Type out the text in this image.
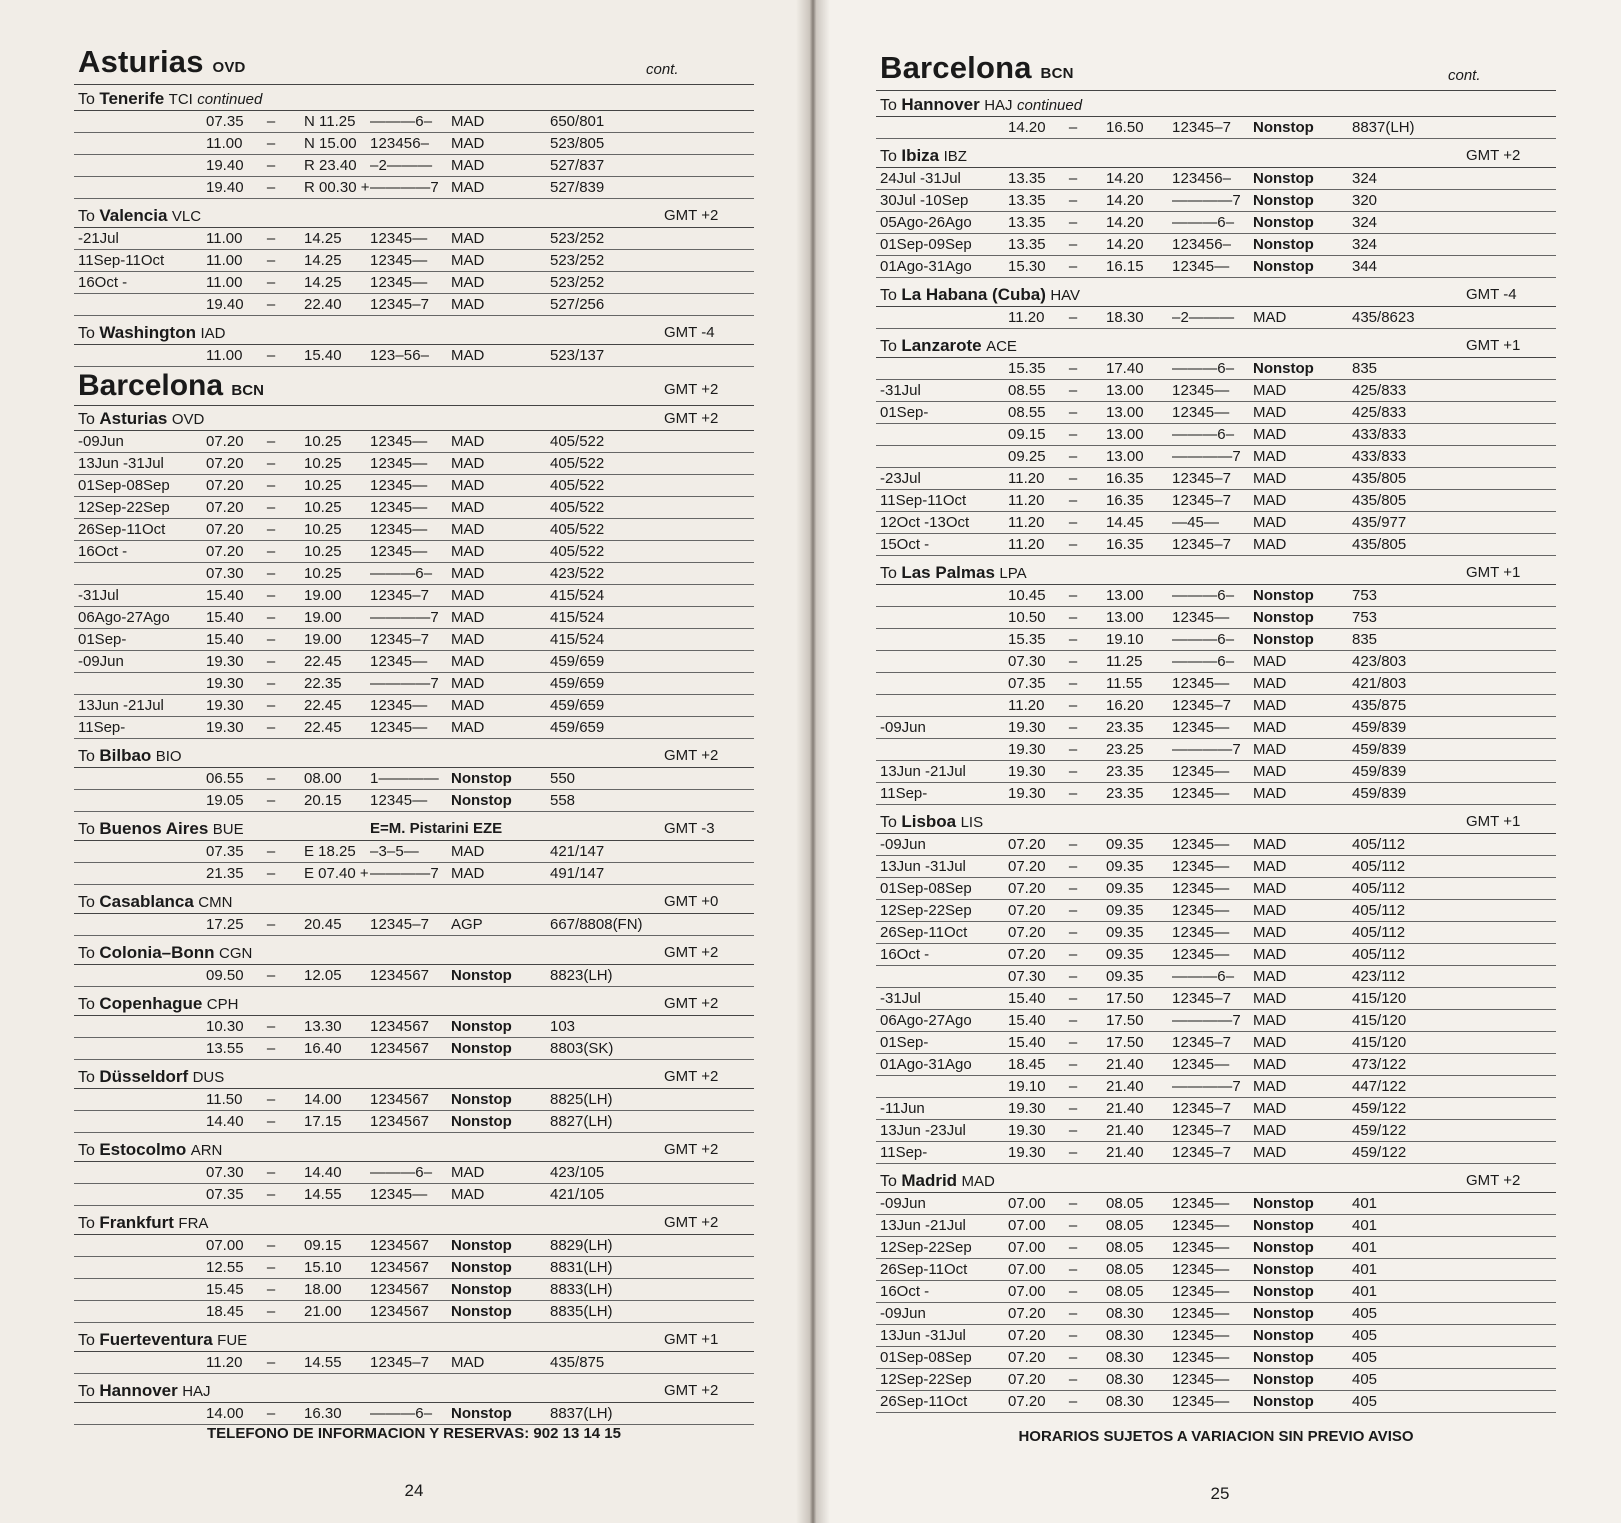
Asturias OVD	cont.
To Tenerife TCI continued
07.35	–	N 11.25 ———6– MAD	650/801
11.00	–	N 15.00 123456– MAD	523/805
19.40	–	R 23.40 –2——— MAD	527/837
19.40	–	R 00.30 + ————7 MAD	527/839
To Valencia VLC	GMT +2
-21Jul	11.00	–	14.25 12345— MAD	523/252
11Sep-11Oct	11.00	–	14.25 12345— MAD	523/252
16Oct -	11.00	–	14.25 12345— MAD	523/252
19.40	–	22.40 12345–7 MAD	527/256
To Washington IAD	GMT -4
11.00	–	15.40 123–56– MAD	523/137
Barcelona BCN	GMT +2
To Asturias OVD	GMT +2
-09Jun	07.20	–	10.25 12345— MAD	405/522
13Jun -31Jul	07.20	–	10.25 12345— MAD	405/522
01Sep-08Sep 07.20	–	10.25 12345— MAD	405/522
12Sep-22Sep 07.20	–	10.25 12345— MAD	405/522
26Sep-11Oct	07.20	–	10.25 12345— MAD	405/522
16Oct -	07.20	–	10.25 12345— MAD	405/522
07.30	–	10.25 ———6– MAD	423/522
-31Jul	15.40	–	19.00 12345–7 MAD	415/524
06Ago-27Ago 15.40	–	19.00 ————7 MAD	415/524
01Sep-	15.40	–	19.00 12345–7 MAD	415/524
-09Jun	19.30	–	22.45 12345— MAD	459/659
19.30	–	22.35 ————7 MAD	459/659
13Jun -21Jul	19.30	–	22.45 12345— MAD	459/659
11Sep-	19.30	–	22.45 12345— MAD	459/659
To Bilbao BIO	GMT +2
06.55	–	08.00 1———— Nonstop	550
19.05	–	20.15 12345— Nonstop	558
To Buenos Aires BUE	E=M. Pistarini EZE	GMT -3
07.35	–	E 18.25 –3–5— MAD	421/147
21.35	–	E 07.40 + ————7 MAD	491/147
To Casablanca CMN	GMT +0
17.25	–	20.45 12345–7 AGP	667/8808(FN)
To Colonia–Bonn CGN	GMT +2
09.50	–	12.05 1234567 Nonstop	8823(LH)
To Copenhague CPH	GMT +2
10.30	–	13.30 1234567 Nonstop	103
13.55	–	16.40 1234567 Nonstop	8803(SK)
To Düsseldorf DUS	GMT +2
11.50	–	14.00 1234567 Nonstop	8825(LH)
14.40	–	17.15 1234567 Nonstop	8827(LH)
To Estocolmo ARN	GMT +2
07.30	–	14.40 ———6– MAD	423/105
07.35	–	14.55 12345— MAD	421/105
To Frankfurt FRA	GMT +2
07.00	–	09.15 1234567 Nonstop	8829(LH)
12.55	–	15.10 1234567 Nonstop	8831(LH)
15.45	–	18.00 1234567 Nonstop	8833(LH)
18.45	–	21.00 1234567 Nonstop	8835(LH)
To Fuerteventura FUE	GMT +1
11.20	–	14.55 12345–7 MAD	435/875
To Hannover HAJ	GMT +2
14.00	–	16.30 ———6– Nonstop	8837(LH)
TELEFONO DE INFORMACION Y RESERVAS: 902 13 14 15
24
Barcelona BCN	cont.
To Hannover HAJ continued
14.20	–	16.50 12345–7 Nonstop	8837(LH)
To Ibiza IBZ	GMT +2
24Jul -31Jul	13.35	–	14.20 123456– Nonstop	324
30Jul -10Sep	13.35	–	14.20 ————7 Nonstop	320
05Ago-26Ago 13.35	–	14.20 ———6– Nonstop	324
01Sep-09Sep 13.35	–	14.20 123456– Nonstop	324
01Ago-31Ago 15.30	–	16.15 12345— Nonstop	344
To La Habana (Cuba) HAV	GMT -4
11.20	–	18.30 –2——— MAD	435/8623
To Lanzarote ACE	GMT +1
15.35	–	17.40 ———6– Nonstop	835
-31Jul	08.55	–	13.00 12345— MAD	425/833
01Sep-	08.55	–	13.00 12345— MAD	425/833
09.15	–	13.00 ———6– MAD	433/833
09.25	–	13.00 ————7 MAD	433/833
-23Jul	11.20	–	16.35 12345–7 MAD	435/805
11Sep-11Oct	11.20	–	16.35 12345–7 MAD	435/805
12Oct -13Oct	11.20	–	14.45 —45— MAD	435/977
15Oct -	11.20	–	16.35 12345–7 MAD	435/805
To Las Palmas LPA	GMT +1
10.45	–	13.00 ———6– Nonstop	753
10.50	–	13.00 12345— Nonstop	753
15.35	–	19.10 ———6– Nonstop	835
07.30	–	11.25 ———6– MAD	423/803
07.35	–	11.55 12345— MAD	421/803
11.20	–	16.20 12345–7 MAD	435/875
-09Jun	19.30	–	23.35 12345— MAD	459/839
19.30	–	23.25 ————7 MAD	459/839
13Jun -21Jul	19.30	–	23.35 12345— MAD	459/839
11Sep-	19.30	–	23.35 12345— MAD	459/839
To Lisboa LIS	GMT +1
-09Jun	07.20	–	09.35 12345— MAD	405/112
13Jun -31Jul	07.20	–	09.35 12345— MAD	405/112
01Sep-08Sep 07.20	–	09.35 12345— MAD	405/112
12Sep-22Sep 07.20	–	09.35 12345— MAD	405/112
26Sep-11Oct	07.20	–	09.35 12345— MAD	405/112
16Oct -	07.20	–	09.35 12345— MAD	405/112
07.30	–	09.35 ———6– MAD	423/112
-31Jul	15.40	–	17.50 12345–7 MAD	415/120
06Ago-27Ago 15.40	–	17.50 ————7 MAD	415/120
01Sep-	15.40	–	17.50 12345–7 MAD	415/120
01Ago-31Ago 18.45	–	21.40 12345— MAD	473/122
19.10	–	21.40 ————7 MAD	447/122
-11Jun	19.30	–	21.40 12345–7 MAD	459/122
13Jun -23Jul	19.30	–	21.40 12345–7 MAD	459/122
11Sep-	19.30	–	21.40 12345–7 MAD	459/122
To Madrid MAD	GMT +2
-09Jun	07.00	–	08.05 12345— Nonstop	401
13Jun -21Jul	07.00	–	08.05 12345— Nonstop	401
12Sep-22Sep 07.00	–	08.05 12345— Nonstop	401
26Sep-11Oct	07.00	–	08.05 12345— Nonstop	401
16Oct -	07.00	–	08.05 12345— Nonstop	401
-09Jun	07.20	–	08.30 12345— Nonstop	405
13Jun -31Jul	07.20	–	08.30 12345— Nonstop	405
01Sep-08Sep 07.20	–	08.30 12345— Nonstop	405
12Sep-22Sep 07.20	–	08.30 12345— Nonstop	405
26Sep-11Oct	07.20	–	08.30 12345— Nonstop	405
HORARIOS SUJETOS A VARIACION SIN PREVIO AVISO
25
